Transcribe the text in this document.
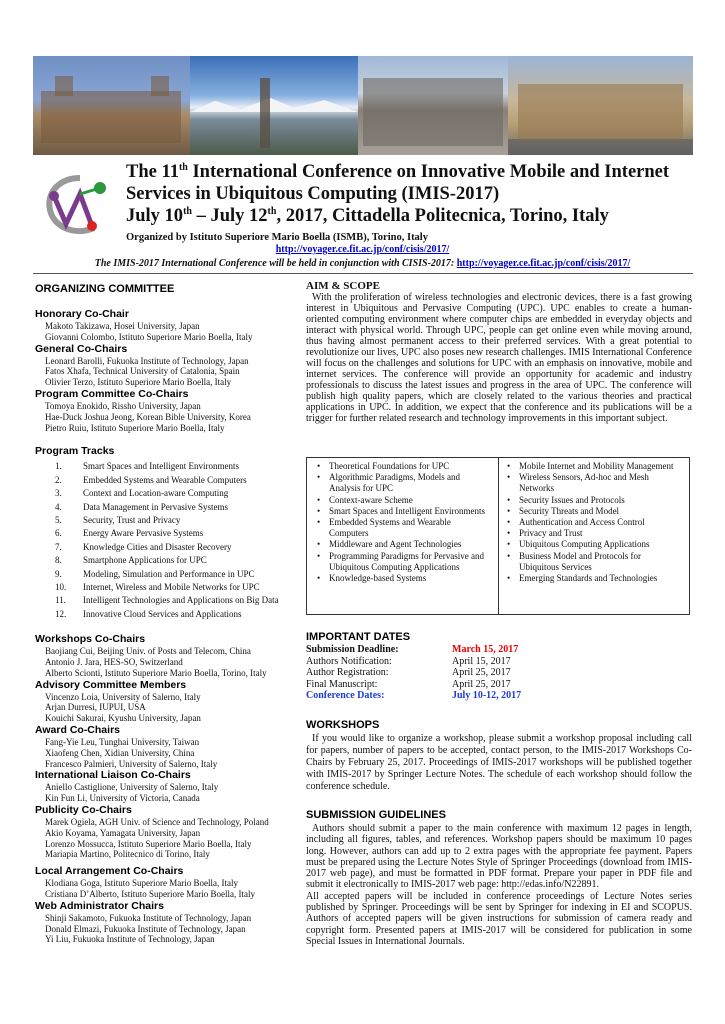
The 11th International Conference on Innovative Mobile and Internet
Services in Ubiquitous Computing (IMIS-2017)
July 10th – July 12th, 2017, Cittadella Politecnica, Torino, Italy
Organized by Istituto Superiore Mario Boella (ISMB), Torino, Italy
http://voyager.ce.fit.ac.jp/conf/cisis/2017/
The IMIS-2017 International Conference will be held in conjunction with CISIS-2017: http://voyager.ce.fit.ac.jp/conf/cisis/2017/
ORGANIZING COMMITTEE
Honorary Co-Chair
Makoto Takizawa, Hosei University, Japan
Giovanni Colombo, Istituto Superiore Mario Boella, Italy
General Co-Chairs
Leonard Barolli, Fukuoka Institute of Technology, Japan
Fatos Xhafa, Technical University of Catalonia, Spain
Olivier Terzo, Istituto Superiore Mario Boella, Italy
Program Committee Co-Chairs
Tomoya Enokido, Rissho University, Japan
Hae-Duck Joshua Jeong, Korean Bible University, Korea
Pietro Ruiu, Istituto Superiore Mario Boella, Italy
Program Tracks
1. Smart Spaces and Intelligent Environments
2. Embedded Systems and Wearable Computers
3. Context and Location-aware Computing
4. Data Management in Pervasive Systems
5. Security, Trust and Privacy
6. Energy Aware Pervasive Systems
7. Knowledge Cities and Disaster Recovery
8. Smartphone Applications for UPC
9. Modeling, Simulation and Performance in UPC
10. Internet, Wireless and Mobile Networks for UPC
11. Intelligent Technologies and Applications on Big Data
12. Innovative Cloud Services and Applications
Workshops Co-Chairs
Baojiang Cui, Beijing Univ. of Posts and Telecom, China
Antonio J. Jara, HES-SO, Switzerland
Alberto Scionti, Istituto Superiore Mario Boella, Torino, Italy
Advisory Committee Members
Vincenzo Loia, University of Salerno, Italy
Arjan Durresi, IUPUI, USA
Kouichi Sakurai, Kyushu University, Japan
Award Co-Chairs
Fang-Yie Leu, Tunghai University, Taiwan
Xiaofeng Chen, Xidian University, China
Francesco Palmieri, University of Salerno, Italy
International Liaison Co-Chairs
Aniello Castiglione, University of Salerno, Italy
Kin Fun Li, University of Victoria, Canada
Publicity Co-Chairs
Marek Ogiela, AGH Univ. of Science and Technology, Poland
Akio Koyama, Yamagata University, Japan
Lorenzo Mossucca, Istituto Superiore Mario Boella, Italy
Mariapia Martino, Politecnico di Torino, Italy
Local Arrangement Co-Chairs
Klodiana Goga, Istituto Superiore Mario Boella, Italy
Cristiana D’Alberto, Istituto Superiore Mario Boella, Italy
Web Administrator Chairs
Shinji Sakamoto, Fukuoka Institute of Technology, Japan
Donald Elmazi, Fukuoka Institute of Technology, Japan
Yi Liu, Fukuoka Institute of Technology, Japan
AIM & SCOPE
With the proliferation of wireless technologies and electronic devices, there is a fast growing interest in Ubiquitous and Pervasive Computing (UPC). UPC enables to create a human-oriented computing environment where computer chips are embedded in everyday objects and interact with physical world. Through UPC, people can get online even while moving around, thus having almost permanent access to their preferred services. With a great potential to revolutionize our lives, UPC also poses new research challenges. IMIS International Conference will focus on the challenges and solutions for UPC with an emphasis on innovative, mobile and internet services. The conference will provide an opportunity for academic and industry professionals to discuss the latest issues and progress in the area of UPC. The conference will publish high quality papers, which are closely related to the various theories and practical applications in UPC. In addition, we expect that the conference and its publications will be a trigger for further related research and technology improvements in this important subject.
• Theoretical Foundations for UPC
• Algorithmic Paradigms, Models and Analysis for UPC
• Context-aware Scheme
• Smart Spaces and Intelligent Environments
• Embedded Systems and Wearable Computers
• Middleware and Agent Technologies
• Programming Paradigms for Pervasive and Ubiquitous Computing Applications
• Knowledge-based Systems
• Mobile Internet and Mobility Management
• Wireless Sensors, Ad-hoc and Mesh Networks
• Security Issues and Protocols
• Security Threats and Model
• Authentication and Access Control
• Privacy and Trust
• Ubiquitous Computing Applications
• Business Model and Protocols for Ubiquitous Services
• Emerging Standards and Technologies
IMPORTANT DATES
Submission Deadline:	March 15, 2017
Authors Notification:	April 15, 2017
Author Registration:	April 25, 2017
Final Manuscript:	April 25, 2017
Conference Dates:	July 10-12, 2017
WORKSHOPS
If you would like to organize a workshop, please submit a workshop proposal including call for papers, number of papers to be accepted, contact person, to the IMIS-2017 Workshops Co-Chairs by February 25, 2017. Proceedings of IMIS-2017 workshops will be published together with IMIS-2017 by Springer Lecture Notes. The schedule of each workshop should follow the conference schedule.
SUBMISSION GUIDELINES
Authors should submit a paper to the main conference with maximum 12 pages in length, including all figures, tables, and references. Workshop papers should be maximum 10 pages long. However, authors can add up to 2 extra pages with the appropriate fee payment. Papers must be prepared using the Lecture Notes Style of Springer Proceedings (download from IMIS-2017 web page), and must be formatted in PDF format. Prepare your paper in PDF file and submit it electronically to IMIS-2017 web page: http://edas.info/N22891.
All accepted papers will be included in conference proceedings of Lecture Notes series published by Springer. Proceedings will be sent by Springer for indexing in EI and SCOPUS. Authors of accepted papers will be given instructions for submission of camera ready and copyright form. Presented papers at IMIS-2017 will be considered for publication in some Special Issues in International Journals.
